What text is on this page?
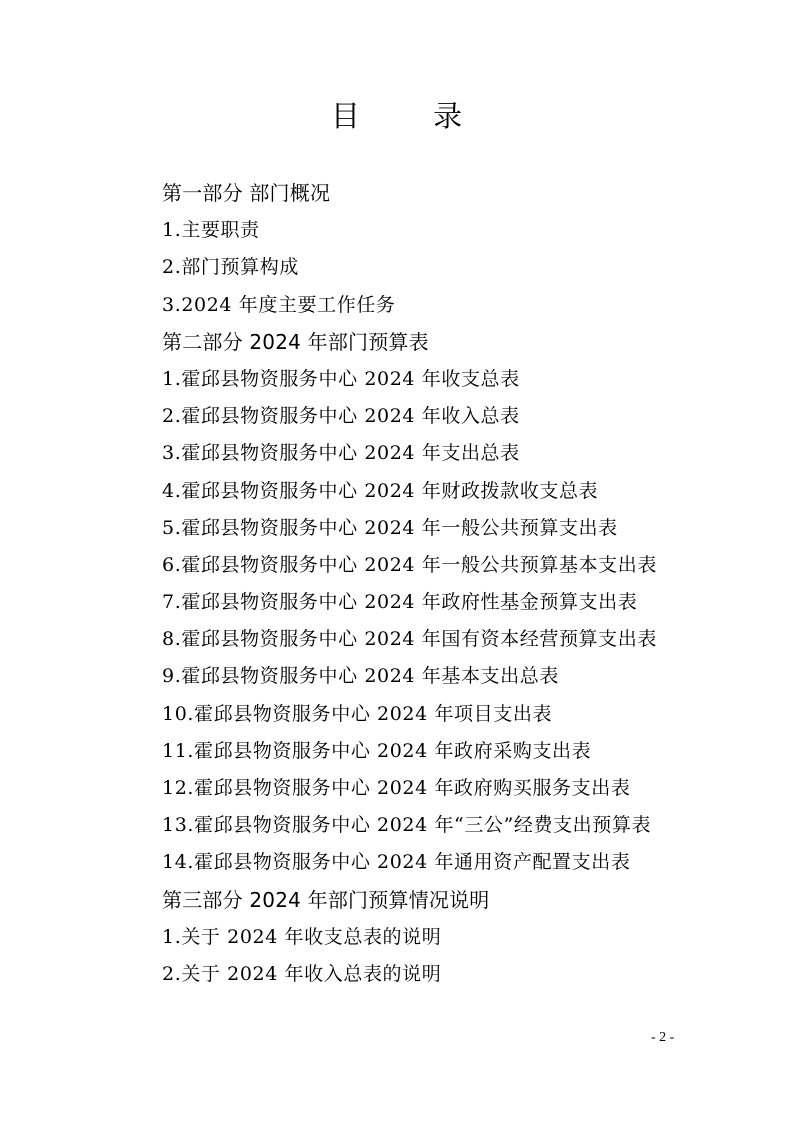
目 录
第一部分 部门概况
1.主要职责
2.部门预算构成
3.2024 年度主要工作任务
第二部分 2024 年部门预算表
1.霍邱县物资服务中心 2024 年收支总表
2.霍邱县物资服务中心 2024 年收入总表
3.霍邱县物资服务中心 2024 年支出总表
4.霍邱县物资服务中心 2024 年财政拨款收支总表
5.霍邱县物资服务中心 2024 年一般公共预算支出表
6.霍邱县物资服务中心 2024 年一般公共预算基本支出表
7.霍邱县物资服务中心 2024 年政府性基金预算支出表
8.霍邱县物资服务中心 2024 年国有资本经营预算支出表
9.霍邱县物资服务中心 2024 年基本支出总表
10.霍邱县物资服务中心 2024 年项目支出表
11.霍邱县物资服务中心 2024 年政府采购支出表
12.霍邱县物资服务中心 2024 年政府购买服务支出表
13.霍邱县物资服务中心 2024 年“三公”经费支出预算表
14.霍邱县物资服务中心 2024 年通用资产配置支出表
第三部分 2024 年部门预算情况说明
1.关于 2024 年收支总表的说明
2.关于 2024 年收入总表的说明
- 2 -
